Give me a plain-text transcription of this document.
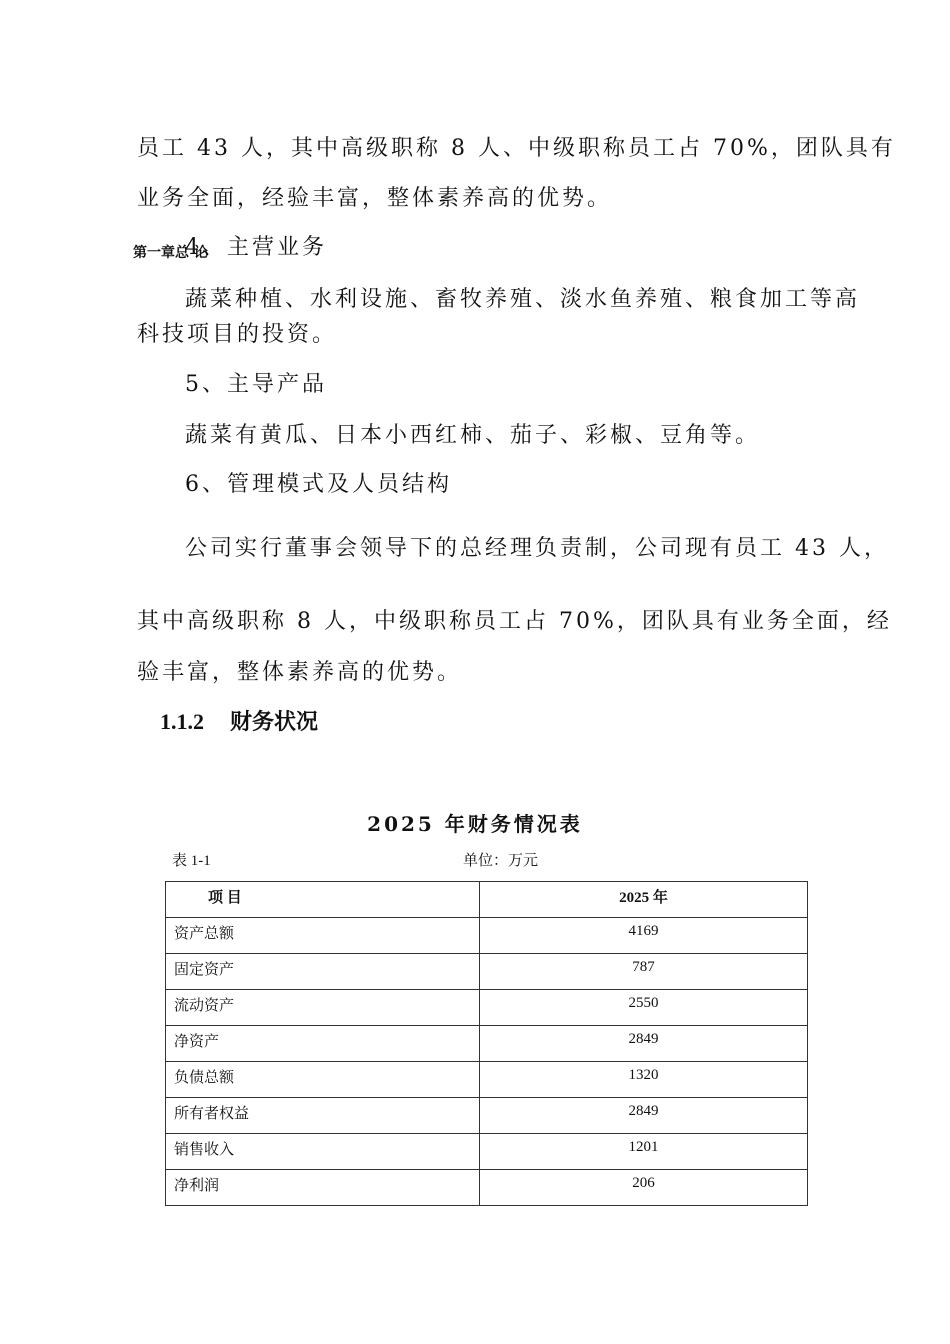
员工 43 人，其中高级职称 8 人、中级职称员工占 70%，团队具有
业务全面，经验丰富，整体素养高的优势。
第一章总 论
4、主营业务
蔬菜种植、水利设施、畜牧养殖、淡水鱼养殖、粮食加工等高
科技项目的投资。
5、主导产品
蔬菜有黄瓜、日本小西红柿、茄子、彩椒、豆角等。
6、管理模式及人员结构
公司实行董事会领导下的总经理负责制，公司现有员工 43 人，
其中高级职称 8 人，中级职称员工占 70%，团队具有业务全面，经
验丰富，整体素养高的优势。
1.1.2 财务状况
2025 年财务情况表
表 1-1	单位：万元
项 目	2025 年
资产总额	4169
固定资产	787
流动资产	2550
净资产	2849
负债总额	1320
所有者权益	2849
销售收入	1201
净利润	206
